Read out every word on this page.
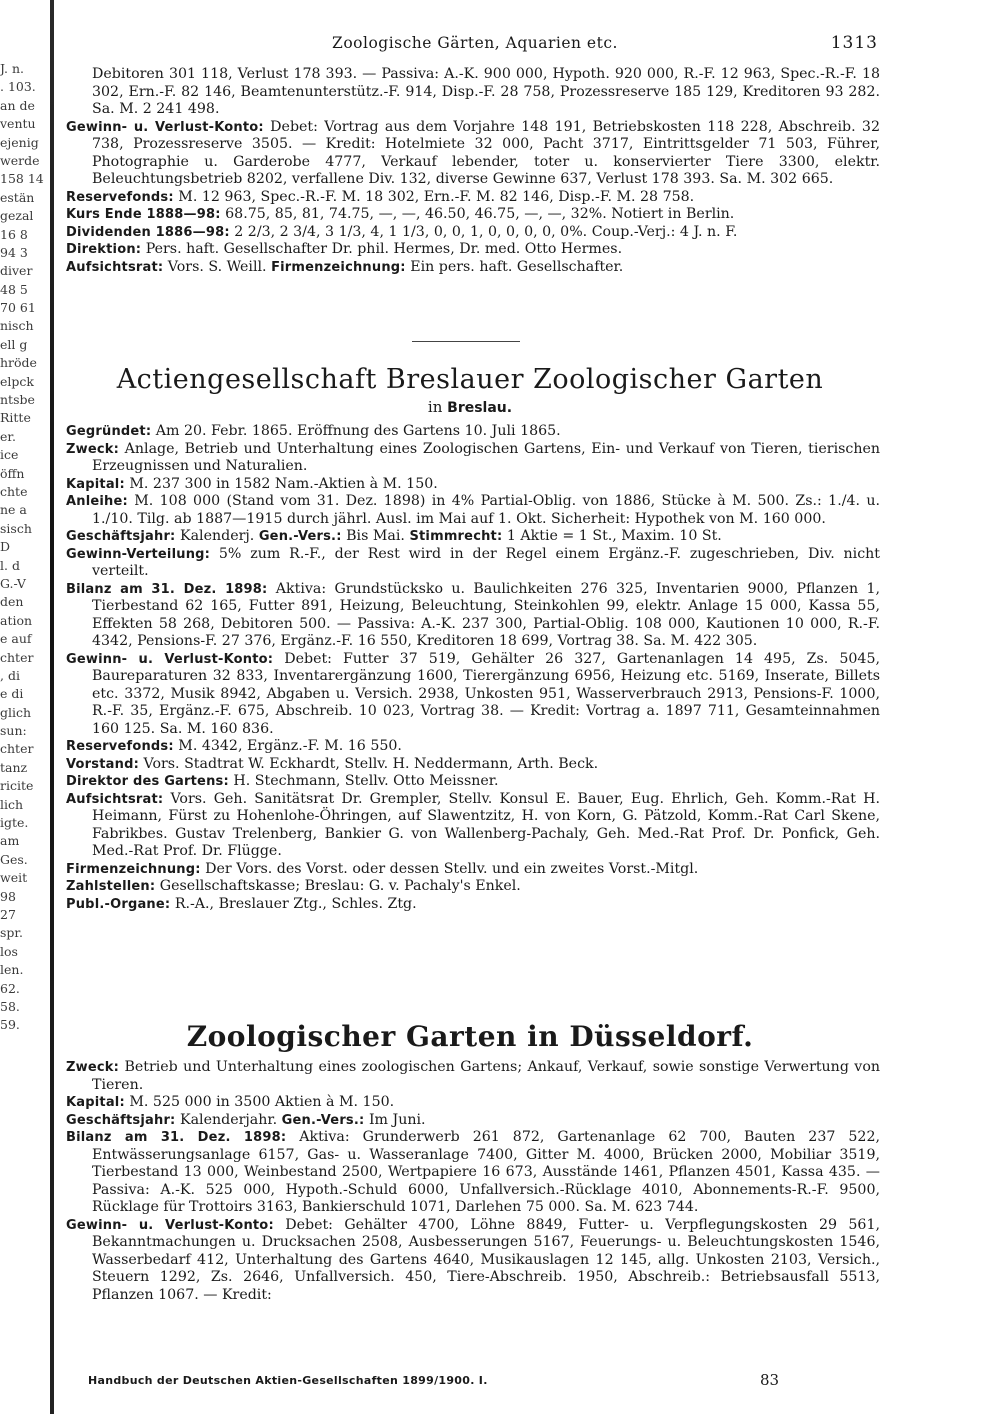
J. n.
. 103.
an de
ventu
ejenig
werde
158 14
estän
gezal
16 8
94 3
diver
48 5
70 61
nisch
ell g
hröde
elpck
ntsbe
Ritte
er.
ice
öffn
chte
ne a
sisch
D
l. d
G.-V
den
ation
e auf
chter
, di
e di
glich
sun:
chter
tanz
ricite
lich
igte.
am
Ges.
weit
98
27
spr.
los
len.
62.
58.
59.
Zoologische Gärten, Aquarien etc.	1313

Debitoren 301 118, Verlust 178 393. — Passiva: A.-K. 900 000, Hypoth. 920 000, R.-F. 12 963, Spec.-R.-F. 18 302, Ern.-F. 82 146, Beamtenunterstütz.-F. 914, Disp.-F. 28 758, Prozessreserve 185 129, Kreditoren 93 282. Sa. M. 2 241 498.

Gewinn- u. Verlust-Konto: Debet: Vortrag aus dem Vorjahre 148 191, Betriebskosten 118 228, Abschreib. 32 738, Prozessreserve 3505. — Kredit: Hotelmiete 32 000, Pacht 3717, Eintrittsgelder 71 503, Führer, Photographie u. Garderobe 4777, Verkauf lebender, toter u. konservierter Tiere 3300, elektr. Beleuchtungsbetrieb 8202, verfallene Div. 132, diverse Gewinne 637, Verlust 178 393. Sa. M. 302 665.

Reservefonds: M. 12 963, Spec.-R.-F. M. 18 302, Ern.-F. M. 82 146, Disp.-F. M. 28 758.

Kurs Ende 1888—98: 68.75, 85, 81, 74.75, —, —, 46.50, 46.75, —, —, 32%. Notiert in Berlin.

Dividenden 1886—98: 2 2/3, 2 3/4, 3 1/3, 4, 1 1/3, 0, 0, 1, 0, 0, 0, 0, 0%. Coup.-Verj.: 4 J. n. F.

Direktion: Pers. haft. Gesellschafter Dr. phil. Hermes, Dr. med. Otto Hermes.

Aufsichtsrat: Vors. S. Weill. Firmenzeichnung: Ein pers. haft. Gesellschafter.

Actiengesellschaft Breslauer Zoologischer Garten
in Breslau.

Gegründet: Am 20. Febr. 1865. Eröffnung des Gartens 10. Juli 1865.

Zweck: Anlage, Betrieb und Unterhaltung eines Zoologischen Gartens, Ein- und Verkauf von Tieren, tierischen Erzeugnissen und Naturalien.

Kapital: M. 237 300 in 1582 Nam.-Aktien à M. 150.

Anleihe: M. 108 000 (Stand vom 31. Dez. 1898) in 4% Partial-Oblig. von 1886, Stücke à M. 500. Zs.: 1./4. u. 1./10. Tilg. ab 1887—1915 durch jährl. Ausl. im Mai auf 1. Okt. Sicherheit: Hypothek von M. 160 000.

Geschäftsjahr: Kalenderj. Gen.-Vers.: Bis Mai. Stimmrecht: 1 Aktie = 1 St., Maxim. 10 St.

Gewinn-Verteilung: 5% zum R.-F., der Rest wird in der Regel einem Ergänz.-F. zugeschrieben, Div. nicht verteilt.

Bilanz am 31. Dez. 1898: Aktiva: Grundstücksko u. Baulichkeiten 276 325, Inventarien 9000, Pflanzen 1, Tierbestand 62 165, Futter 891, Heizung, Beleuchtung, Steinkohlen 99, elektr. Anlage 15 000, Kassa 55, Effekten 58 268, Debitoren 500. — Passiva: A.-K. 237 300, Partial-Oblig. 108 000, Kautionen 10 000, R.-F. 4342, Pensions-F. 27 376, Ergänz.-F. 16 550, Kreditoren 18 699, Vortrag 38. Sa. M. 422 305.

Gewinn- u. Verlust-Konto: Debet: Futter 37 519, Gehälter 26 327, Gartenanlagen 14 495, Zs. 5045, Baureparaturen 32 833, Inventarergänzung 1600, Tierergänzung 6956, Heizung etc. 5169, Inserate, Billets etc. 3372, Musik 8942, Abgaben u. Versich. 2938, Unkosten 951, Wasserverbrauch 2913, Pensions-F. 1000, R.-F. 35, Ergänz.-F. 675, Abschreib. 10 023, Vortrag 38. — Kredit: Vortrag a. 1897 711, Gesamteinnahmen 160 125. Sa. M. 160 836.

Reservefonds: M. 4342, Ergänz.-F. M. 16 550.

Vorstand: Vors. Stadtrat W. Eckhardt, Stellv. H. Neddermann, Arth. Beck.

Direktor des Gartens: H. Stechmann, Stellv. Otto Meissner.

Aufsichtsrat: Vors. Geh. Sanitätsrat Dr. Grempler, Stellv. Konsul E. Bauer, Eug. Ehrlich, Geh. Komm.-Rat H. Heimann, Fürst zu Hohenlohe-Öhringen, auf Slawentzitz, H. von Korn, G. Pätzold, Komm.-Rat Carl Skene, Fabrikbes. Gustav Trelenberg, Bankier G. von Wallenberg-Pachaly, Geh. Med.-Rat Prof. Dr. Ponfick, Geh. Med.-Rat Prof. Dr. Flügge.

Firmenzeichnung: Der Vors. des Vorst. oder dessen Stellv. und ein zweites Vorst.-Mitgl.

Zahlstellen: Gesellschaftskasse; Breslau: G. v. Pachaly's Enkel.

Publ.-Organe: R.-A., Breslauer Ztg., Schles. Ztg.

Zoologischer Garten in Düsseldorf.

Zweck: Betrieb und Unterhaltung eines zoologischen Gartens; Ankauf, Verkauf, sowie sonstige Verwertung von Tieren.

Kapital: M. 525 000 in 3500 Aktien à M. 150.

Geschäftsjahr: Kalenderjahr. Gen.-Vers.: Im Juni.

Bilanz am 31. Dez. 1898: Aktiva: Grunderwerb 261 872, Gartenanlage 62 700, Bauten 237 522, Entwässerungsanlage 6157, Gas- u. Wasseranlage 7400, Gitter M. 4000, Brücken 2000, Mobiliar 3519, Tierbestand 13 000, Weinbestand 2500, Wertpapiere 16 673, Ausstände 1461, Pflanzen 4501, Kassa 435. — Passiva: A.-K. 525 000, Hypoth.-Schuld 6000, Unfallversich.-Rücklage 4010, Abonnements-R.-F. 9500, Rücklage für Trottoirs 3163, Bankierschuld 1071, Darlehen 75 000. Sa. M. 623 744.

Gewinn- u. Verlust-Konto: Debet: Gehälter 4700, Löhne 8849, Futter- u. Verpflegungskosten 29 561, Bekanntmachungen u. Drucksachen 2508, Ausbesserungen 5167, Feuerungs- u. Beleuchtungskosten 1546, Wasserbedarf 412, Unterhaltung des Gartens 4640, Musikauslagen 12 145, allg. Unkosten 2103, Versich., Steuern 1292, Zs. 2646, Unfallversich. 450, Tiere-Abschreib. 1950, Abschreib.: Betriebsausfall 5513, Pflanzen 1067. — Kredit:

Handbuch der Deutschen Aktien-Gesellschaften 1899/1900. I.	83
